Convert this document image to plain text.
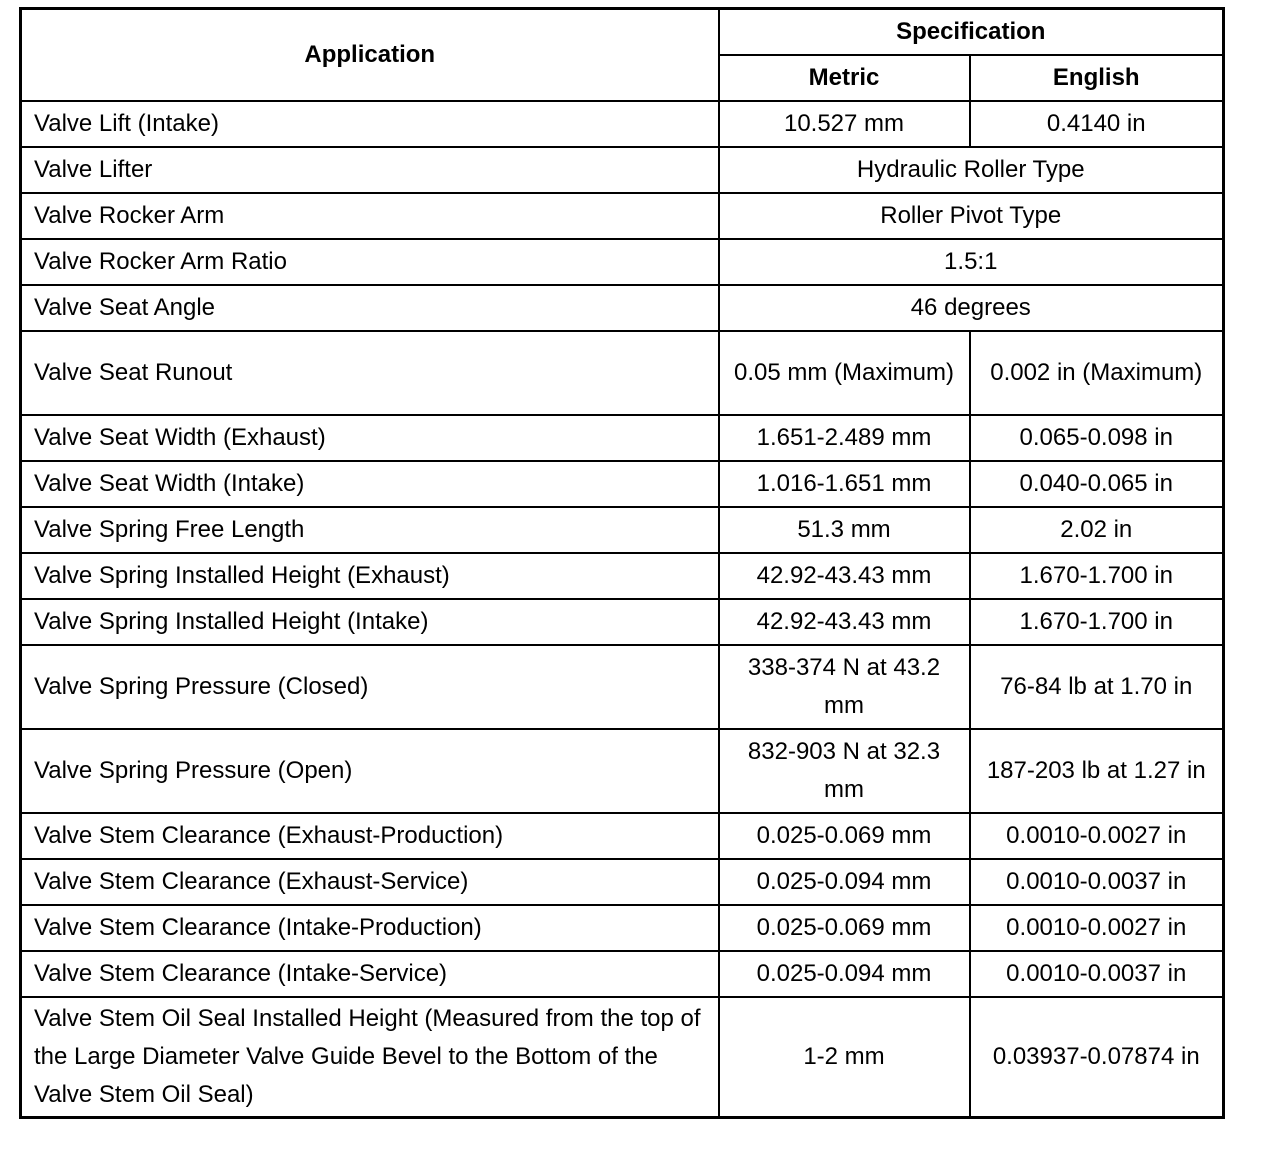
Application	Specification	
	Metric	English
Valve Lift (Intake)	10.527 mm	0.4140 in
Valve Lifter	Hydraulic Roller Type	
Valve Rocker Arm	Roller Pivot Type	
Valve Rocker Arm Ratio	1.5:1	
Valve Seat Angle	46 degrees	
Valve Seat Runout	0.05 mm (Maximum)	0.002 in (Maximum)
Valve Seat Width (Exhaust)	1.651-2.489 mm	0.065-0.098 in
Valve Seat Width (Intake)	1.016-1.651 mm	0.040-0.065 in
Valve Spring Free Length	51.3 mm	2.02 in
Valve Spring Installed Height (Exhaust)	42.92-43.43 mm	1.670-1.700 in
Valve Spring Installed Height (Intake)	42.92-43.43 mm	1.670-1.700 in
Valve Spring Pressure (Closed)	338-374 N at 43.2 mm	76-84 lb at 1.70 in
Valve Spring Pressure (Open)	832-903 N at 32.3 mm	187-203 lb at 1.27 in
Valve Stem Clearance (Exhaust-Production)	0.025-0.069 mm	0.0010-0.0027 in
Valve Stem Clearance (Exhaust-Service)	0.025-0.094 mm	0.0010-0.0037 in
Valve Stem Clearance (Intake-Production)	0.025-0.069 mm	0.0010-0.0027 in
Valve Stem Clearance (Intake-Service)	0.025-0.094 mm	0.0010-0.0037 in
Valve Stem Oil Seal Installed Height (Measured from the top of the Large Diameter Valve Guide Bevel to the Bottom of the Valve Stem Oil Seal)	1-2 mm	0.03937-0.07874 in
